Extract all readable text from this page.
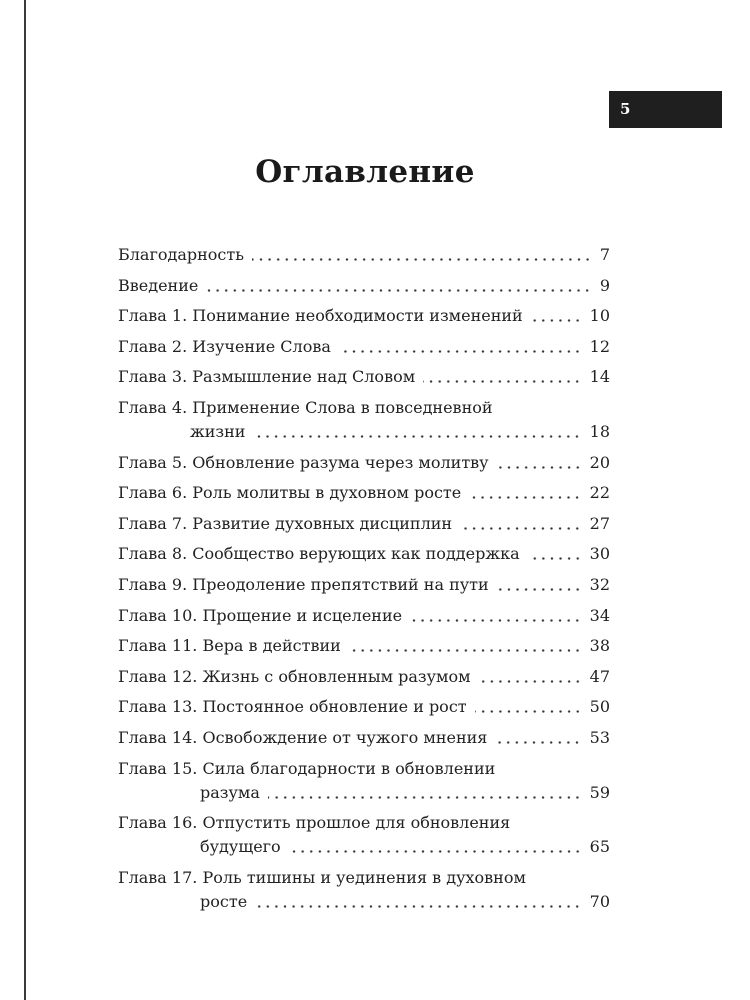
5
Оглавление
Благодарность	7
Введение	9
Глава 1. Понимание необходимости изменений	10
Глава 2. Изучение Слова	12
Глава 3. Размышление над Словом	14
Глава 4. Применение Слова в повседневной
жизни	18
Глава 5. Обновление разума через молитву	20
Глава 6. Роль молитвы в духовном росте	22
Глава 7. Развитие духовных дисциплин	27
Глава 8. Сообщество верующих как поддержка	30
Глава 9. Преодоление препятствий на пути	32
Глава 10. Прощение и исцеление	34
Глава 11. Вера в действии	38
Глава 12. Жизнь с обновленным разумом	47
Глава 13. Постоянное обновление и рост	50
Глава 14. Освобождение от чужого мнения	53
Глава 15. Сила благодарности в обновлении
разума	59
Глава 16. Отпустить прошлое для обновления
будущего	65
Глава 17. Роль тишины и уединения в духовном
росте	70
